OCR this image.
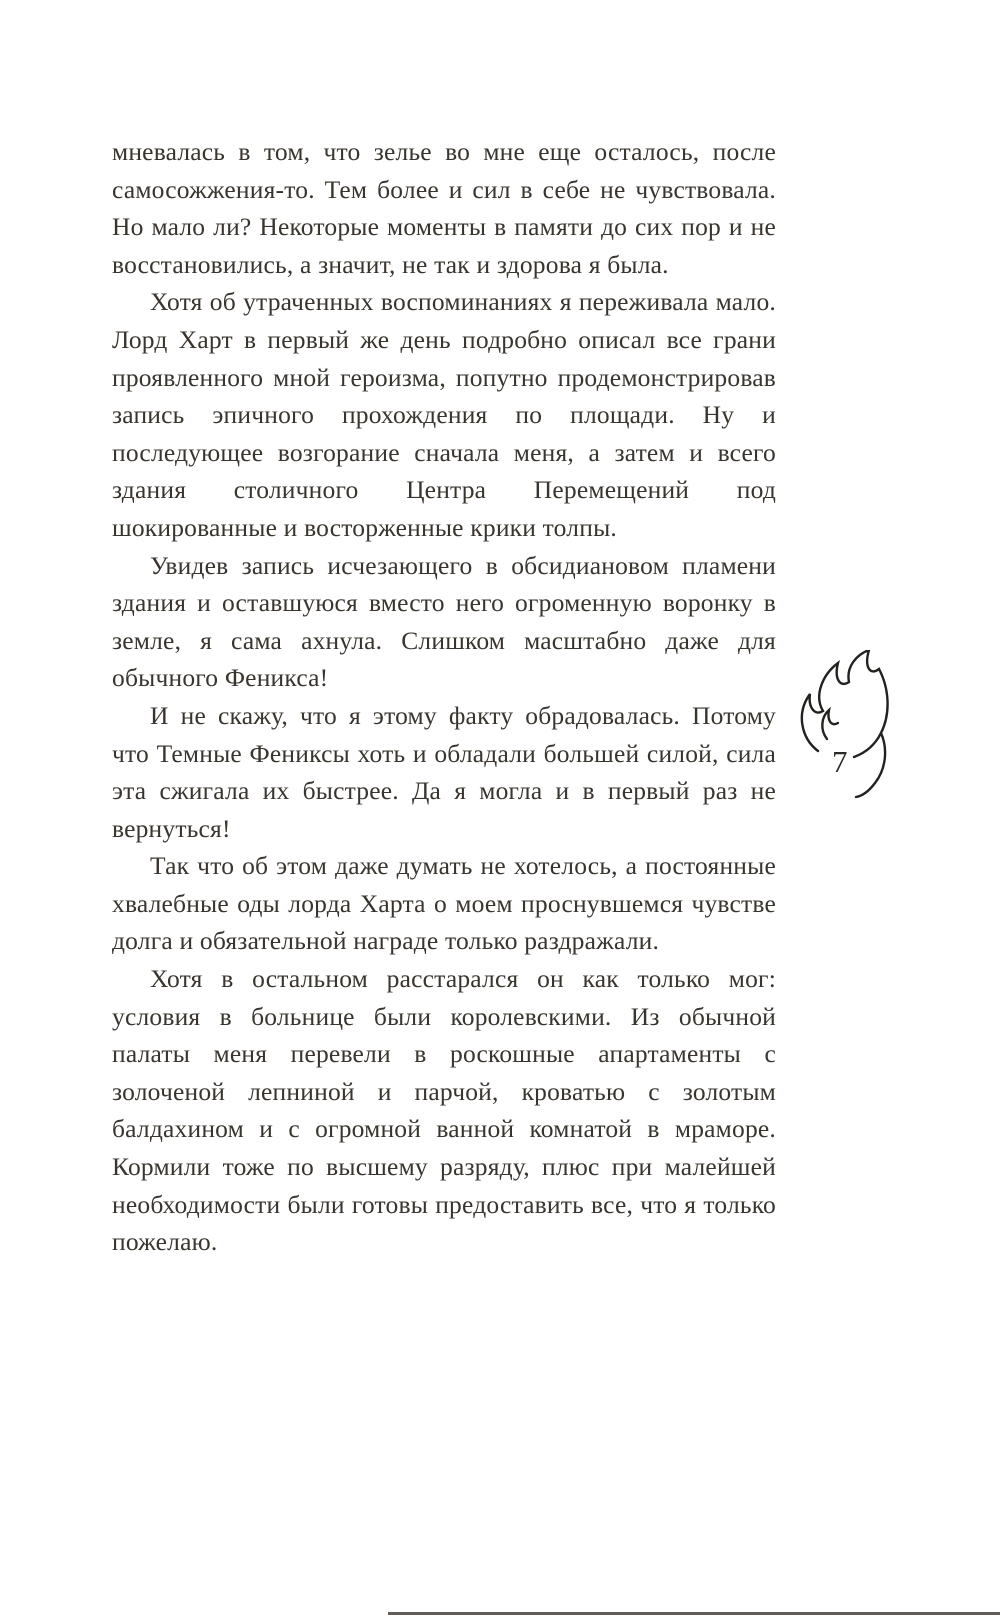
мневалась в том, что зелье во мне еще осталось, после самосожжения-то. Тем более и сил в себе не чувствовала. Но мало ли? Некоторые моменты в памяти до сих пор и не восстановились, а значит, не так и здорова я была.

Хотя об утраченных воспоминаниях я переживала мало. Лорд Харт в первый же день подробно описал все грани проявленного мной героизма, попутно продемонстрировав запись эпичного прохождения по площади. Ну и последующее возгорание сначала меня, а затем и всего здания столичного Центра Перемещений под шокированные и восторженные крики толпы.

Увидев запись исчезающего в обсидиановом пламени здания и оставшуюся вместо него огроменную воронку в земле, я сама ахнула. Слишком масштабно даже для обычного Феникса!

И не скажу, что я этому факту обрадовалась. Потому что Темные Фениксы хоть и обладали большей силой, сила эта сжигала их быстрее. Да я могла и в первый раз не вернуться!

Так что об этом даже думать не хотелось, а постоянные хвалебные оды лорда Харта о моем проснувшемся чувстве долга и обязательной награде только раздражали.

Хотя в остальном расстарался он как только мог: условия в больнице были королевскими. Из обычной палаты меня перевели в роскошные апартаменты с золоченой лепниной и парчой, кроватью с золотым балдахином и с огромной ванной комнатой в мраморе. Кормили тоже по высшему разряду, плюс при малейшей необходимости были готовы предоставить все, что я только пожелаю.

7
